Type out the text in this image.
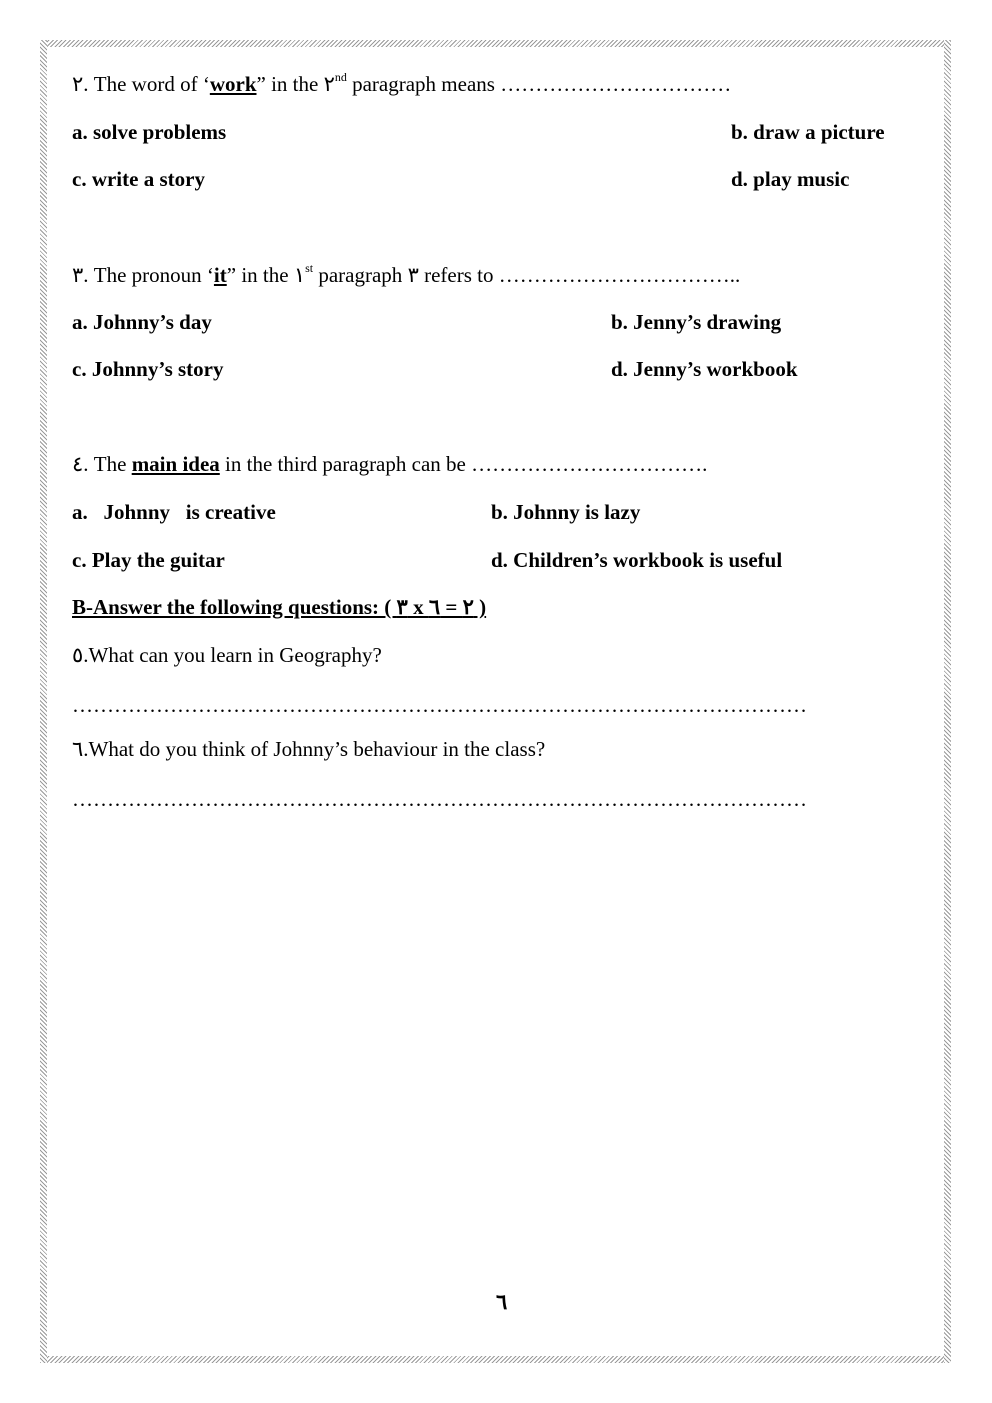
٢. The word of ‘work” in the ٢nd paragraph means ……………………………
a. solve problems	b. draw a picture
c. write a story	d. play music
٣. The pronoun ‘it” in the ١st paragraph ٣ refers to ……………………………..
a. Johnny’s day	b. Jenny’s drawing
c. Johnny’s story	d. Jenny’s workbook
٤. The main idea in the third paragraph can be …………………………….
a.   Johnny   is creative	b. Johnny is lazy
c. Play the guitar	d. Children’s workbook is useful
B-Answer the following questions: ( ٣ x ٢ = ٦ )
٥.What can you learn in Geography?
……………………………………………………………………………………………
٦.What do you think of Johnny’s behaviour in the class?
……………………………………………………………………………………………
٦
